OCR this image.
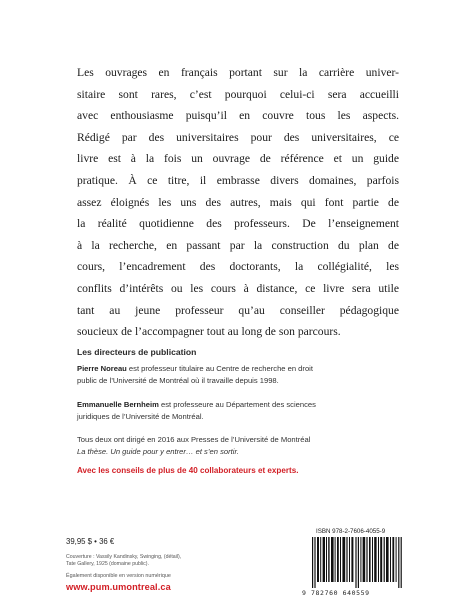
Les ouvrages en français portant sur la carrière univer-
sitaire sont rares, c’est pourquoi celui-ci sera accueilli
avec enthousiasme puisqu’il en couvre tous les aspects.
Rédigé par des universitaires pour des universitaires, ce
livre est à la fois un ouvrage de référence et un guide
pratique. À ce titre, il embrasse divers domaines, parfois
assez éloignés les uns des autres, mais qui font partie de
la réalité quotidienne des professeurs. De l’enseignement
à la recherche, en passant par la construction du plan de
cours, l’encadrement des doctorants, la collégialité, les
conflits d’intérêts ou les cours à distance, ce livre sera utile
tant au jeune professeur qu’au conseiller pédagogique
soucieux de l’accompagner tout au long de son parcours.
Les directeurs de publication
Pierre Noreau est professeur titulaire au Centre de recherche en droit
public de l’Université de Montréal où il travaille depuis 1998.
Emmanuelle Bernheim est professeure au Département des sciences
juridiques de l’Université de Montréal.
Tous deux ont dirigé en 2016 aux Presses de l’Université de Montréal
La thèse. Un guide pour y entrer… et s’en sortir.
Avec les conseils de plus de 40 collaborateurs et experts.
39,95 $ • 36 €
Couverture : Vassily Kandinsky, Swinging, (détail),
Tate Gallery, 1925 (domaine public).
Également disponible en version numérique
www.pum.umontreal.ca
ISBN 978-2-7606-4055-9
9 782760 640559
